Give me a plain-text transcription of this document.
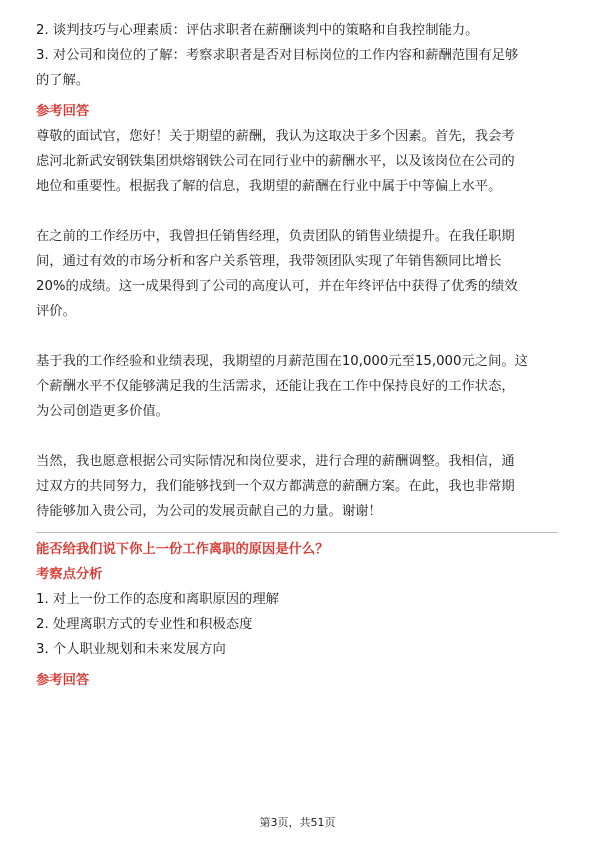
2. 谈判技巧与心理素质：评估求职者在薪酬谈判中的策略和自我控制能力。

3. 对公司和岗位的了解：考察求职者是否对目标岗位的工作内容和薪酬范围有足够

的了解。

参考回答

尊敬的面试官，您好！关于期望的薪酬，我认为这取决于多个因素。首先，我会考

虑河北新武安钢铁集团烘熔钢铁公司在同行业中的薪酬水平，以及该岗位在公司的

地位和重要性。根据我了解的信息，我期望的薪酬在行业中属于中等偏上水平。

在之前的工作经历中，我曾担任销售经理，负责团队的销售业绩提升。在我任职期

间，通过有效的市场分析和客户关系管理，我带领团队实现了年销售额同比增长

20%的成绩。这一成果得到了公司的高度认可，并在年终评估中获得了优秀的绩效

评价。

基于我的工作经验和业绩表现，我期望的月薪范围在10,000元至15,000元之间。这

个薪酬水平不仅能够满足我的生活需求，还能让我在工作中保持良好的工作状态，

为公司创造更多价值。

当然，我也愿意根据公司实际情况和岗位要求，进行合理的薪酬调整。我相信，通

过双方的共同努力，我们能够找到一个双方都满意的薪酬方案。在此，我也非常期

待能够加入贵公司，为公司的发展贡献自己的力量。谢谢！

能否给我们说下你上一份工作离职的原因是什么？

考察点分析

1. 对上一份工作的态度和离职原因的理解

2. 处理离职方式的专业性和积极态度

3. 个人职业规划和未来发展方向

参考回答

第3页，共51页
